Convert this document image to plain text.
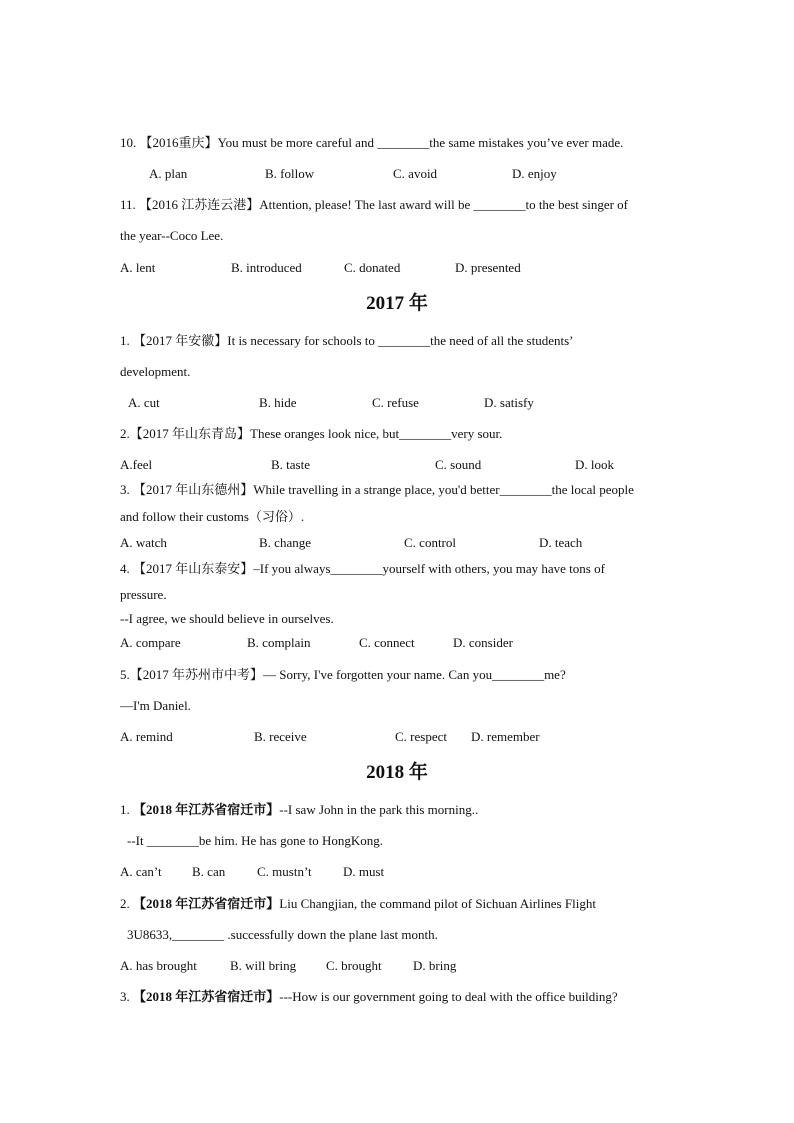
10. 【2016重庆】You must be more careful and ________the same mistakes you’ve ever made.
A. plan	B. follow	C. avoid	D. enjoy
11. 【2016 江苏连云港】Attention, please! The last award will be ________to the best singer of
the year--Coco Lee.
A. lent	B. introduced	C. donated	D. presented
2017 年
1. 【2017 年安徽】It is necessary for schools to ________the need of all the students’
development.
A. cut	B. hide	C. refuse	D. satisfy
2.【2017 年山东青岛】These oranges look nice, but________very sour.
A.feel	B. taste	C. sound	D. look
3. 【2017 年山东德州】While travelling in a strange place, you'd better________the local people
and follow their customs（习俗）.
A. watch	B. change	C. control	D. teach
4. 【2017 年山东泰安】–If you always________yourself with others, you may have tons of
pressure.
--I agree, we should believe in ourselves.
A. compare	B. complain	C. connect	D. consider
5.【2017 年苏州市中考】— Sorry, I've forgotten your name. Can you________me?
—I'm Daniel.
A. remind	B. receive	C. respect D. remember
2018 年
1. 【2018 年江苏省宿迁市】--I saw John in the park this morning..
--It ________be him. He has gone to HongKong.
A. can’t B. can C. mustn’t D. must
2. 【2018 年江苏省宿迁市】Liu Changjian, the command pilot of Sichuan Airlines Flight
3U8633,________ .successfully down the plane last month.
A. has brought	B. will bring C. brought D. bring
3. 【2018 年江苏省宿迁市】---How is our government going to deal with the office building?
